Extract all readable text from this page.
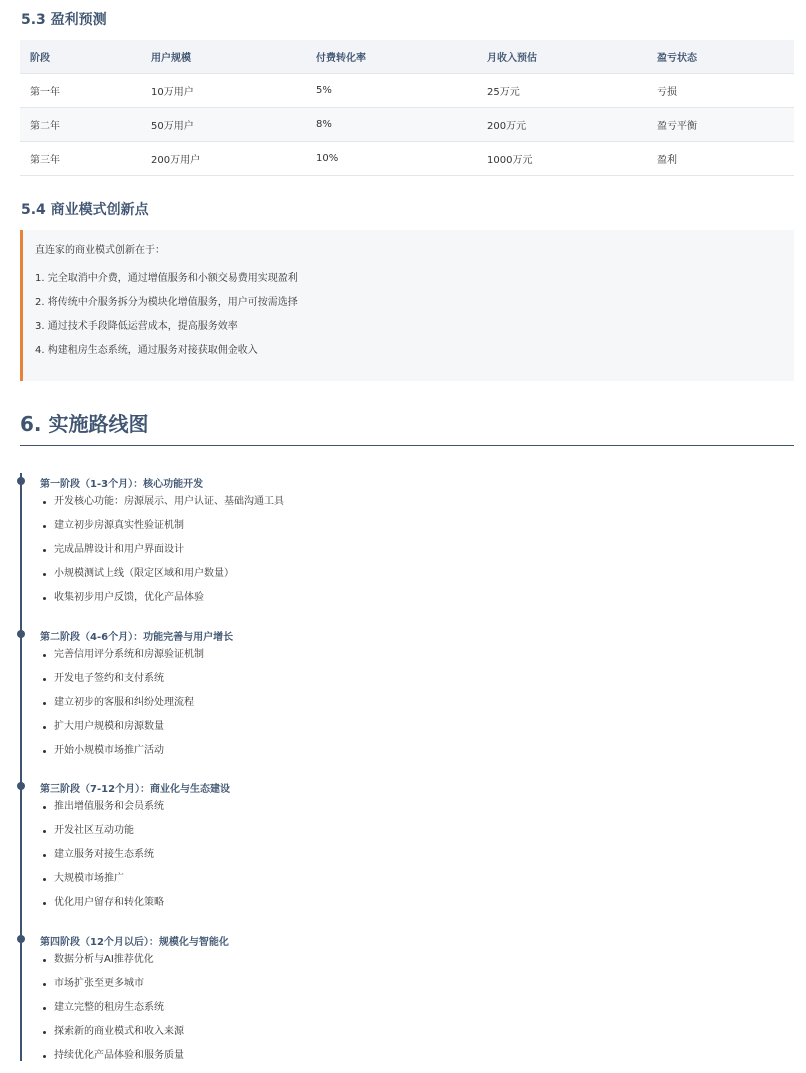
5.3 盈利预测
阶段	用户规模	付费转化率	月收入预估	盈亏状态
第一年	10万用户	5%	25万元	亏损
第二年	50万用户	8%	200万元	盈亏平衡
第三年	200万用户	10%	1000万元	盈利
5.4 商业模式创新点
直连家的商业模式创新在于：
1. 完全取消中介费，通过增值服务和小额交易费用实现盈利
2. 将传统中介服务拆分为模块化增值服务，用户可按需选择
3. 通过技术手段降低运营成本，提高服务效率
4. 构建租房生态系统，通过服务对接获取佣金收入
6. 实施路线图
第一阶段（1-3个月）：核心功能开发
开发核心功能：房源展示、用户认证、基础沟通工具
建立初步房源真实性验证机制
完成品牌设计和用户界面设计
小规模测试上线（限定区域和用户数量）
收集初步用户反馈，优化产品体验
第二阶段（4-6个月）：功能完善与用户增长
完善信用评分系统和房源验证机制
开发电子签约和支付系统
建立初步的客服和纠纷处理流程
扩大用户规模和房源数量
开始小规模市场推广活动
第三阶段（7-12个月）：商业化与生态建设
推出增值服务和会员系统
开发社区互动功能
建立服务对接生态系统
大规模市场推广
优化用户留存和转化策略
第四阶段（12个月以后）：规模化与智能化
数据分析与AI推荐优化
市场扩张至更多城市
建立完整的租房生态系统
探索新的商业模式和收入来源
持续优化产品体验和服务质量
